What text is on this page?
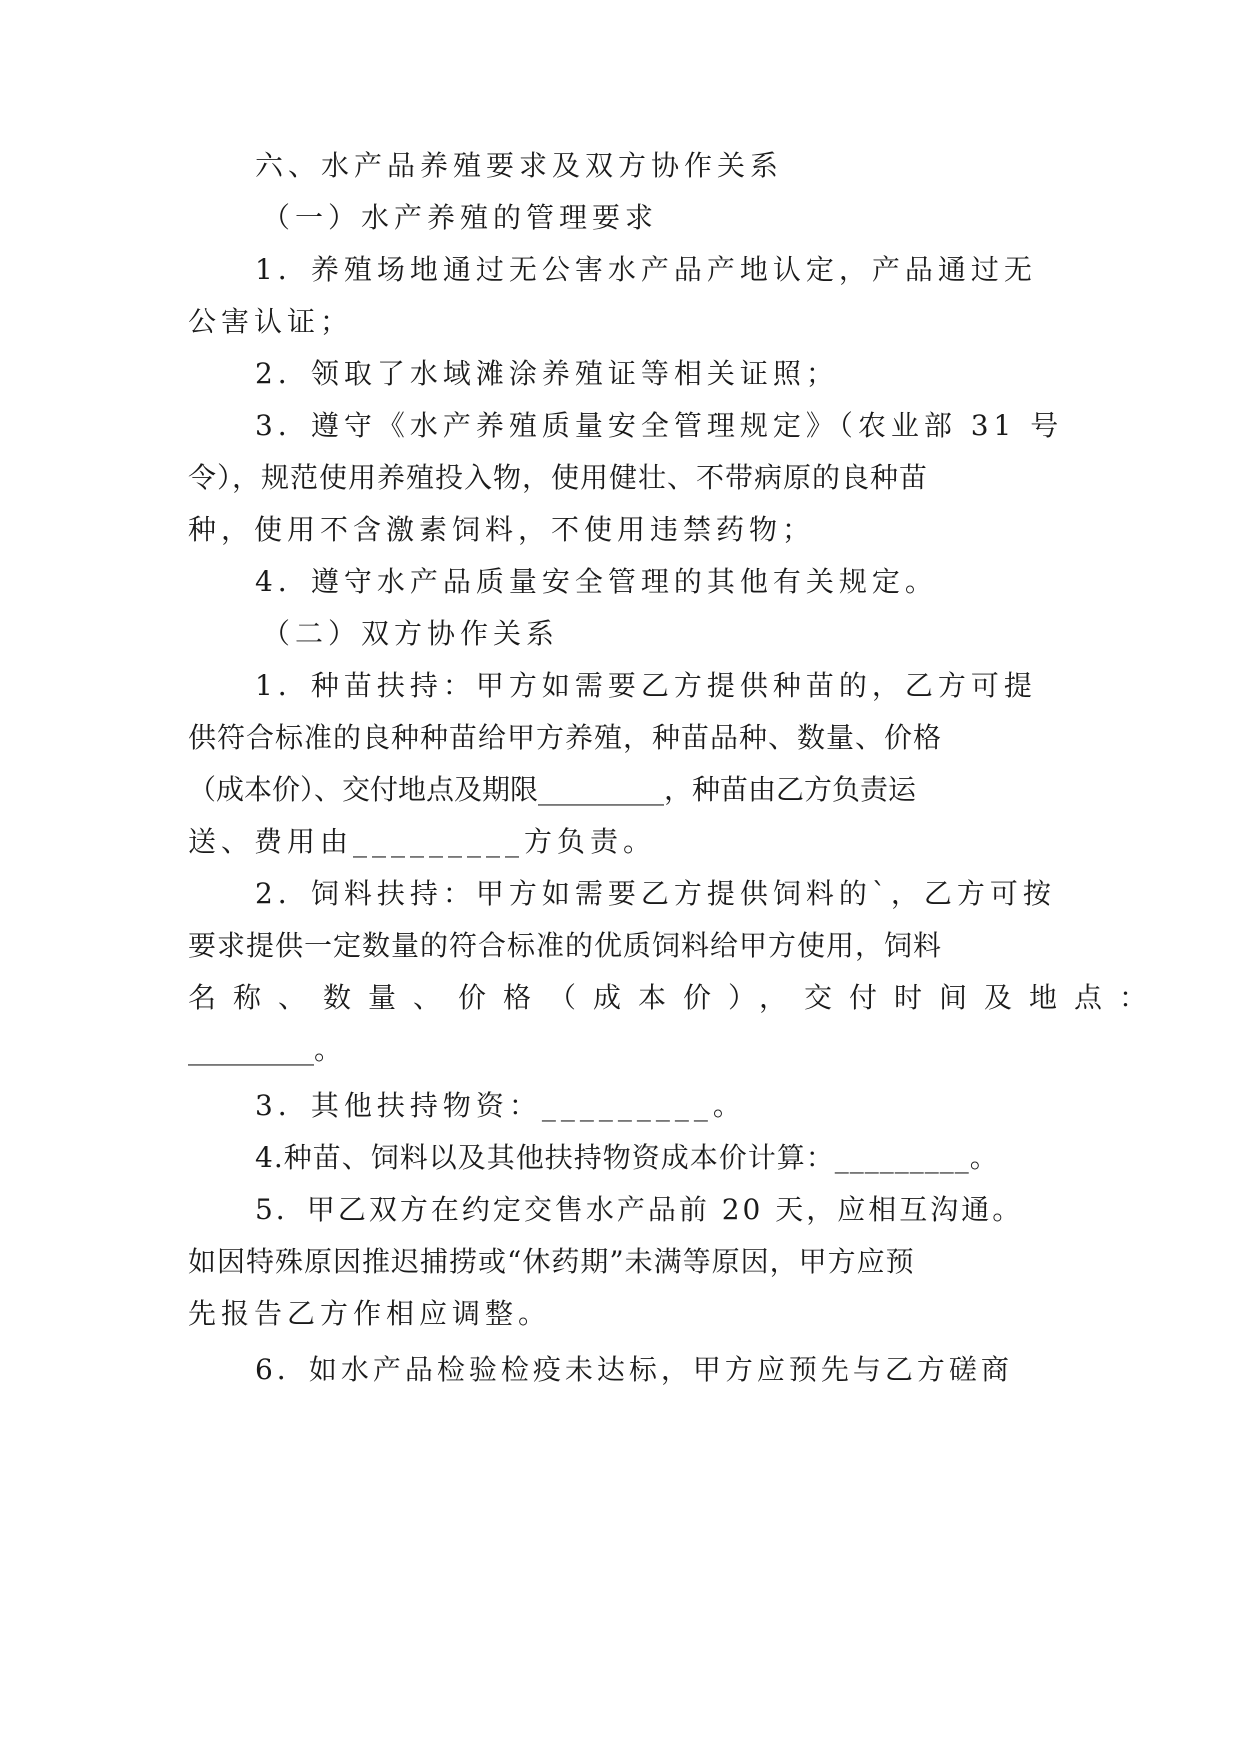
六、水产品养殖要求及双方协作关系
（一）水产养殖的管理要求
1．养殖场地通过无公害水产品产地认定，产品通过无
公害认证；
2．领取了水域滩涂养殖证等相关证照；
3．遵守《水产养殖质量安全管理规定》（农业部 31 号
令），规范使用养殖投入物，使用健壮、不带病原的良种苗
种，使用不含激素饲料，不使用违禁药物；
4．遵守水产品质量安全管理的其他有关规定。
（二）双方协作关系
1．种苗扶持：甲方如需要乙方提供种苗的，乙方可提
供符合标准的良种种苗给甲方养殖，种苗品种、数量、价格
（成本价）、交付地点及期限_________，种苗由乙方负责运
送、费用由_________方负责。
2．饲料扶持：甲方如需要乙方提供饲料的`，乙方可按
要求提供一定数量的符合标准的优质饲料给甲方使用，饲料
名称、数量、价格（成本价），交付时间及地点：
_________。
3．其他扶持物资：_________。
4.种苗、饲料以及其他扶持物资成本价计算：_________。
5．甲乙双方在约定交售水产品前 20 天，应相互沟通。
如因特殊原因推迟捕捞或“休药期”未满等原因，甲方应预
先报告乙方作相应调整。
6．如水产品检验检疫未达标，甲方应预先与乙方磋商
